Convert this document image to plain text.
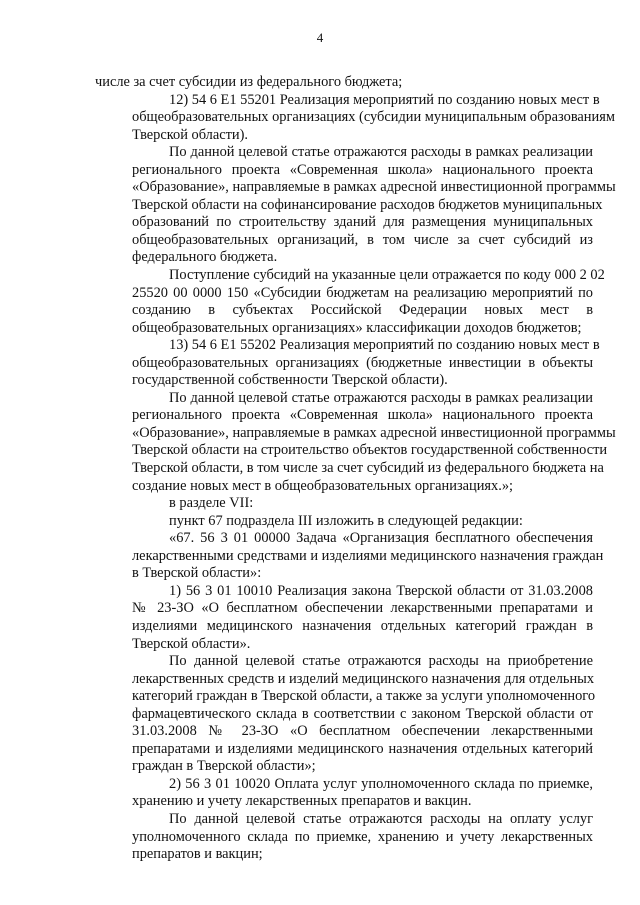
4
числе за счет субсидии из федерального бюджета;
12) 54 6 E1 55201 Реализация мероприятий по созданию новых мест в
общеобразовательных организациях (субсидии муниципальным образованиям
Тверской области).
По данной целевой статье отражаются расходы в рамках реализации
регионального проекта «Современная школа» национального проекта
«Образование», направляемые в рамках адресной инвестиционной программы
Тверской области на софинансирование расходов бюджетов муниципальных
образований по строительству зданий для размещения муниципальных
общеобразовательных организаций, в том числе за счет субсидий из
федерального бюджета.
Поступление субсидий на указанные цели отражается по коду 000 2 02
25520 00 0000 150 «Субсидии бюджетам на реализацию мероприятий по
созданию в субъектах Российской Федерации новых мест в
общеобразовательных организациях» классификации доходов бюджетов;
13) 54 6 E1 55202 Реализация мероприятий по созданию новых мест в
общеобразовательных организациях (бюджетные инвестиции в объекты
государственной собственности Тверской области).
По данной целевой статье отражаются расходы в рамках реализации
регионального проекта «Современная школа» национального проекта
«Образование», направляемые в рамках адресной инвестиционной программы
Тверской области на строительство объектов государственной собственности
Тверской области, в том числе за счет субсидий из федерального бюджета на
создание новых мест в общеобразовательных организациях.»;
в разделе VII:
пункт 67 подраздела III изложить в следующей редакции:
«67. 56 3 01 00000 Задача «Организация бесплатного обеспечения
лекарственными средствами и изделиями медицинского назначения граждан
в Тверской области»:
1) 56 3 01 10010 Реализация закона Тверской области от 31.03.2008
№ 23-ЗО «О бесплатном обеспечении лекарственными препаратами и
изделиями медицинского назначения отдельных категорий граждан в
Тверской области».
По данной целевой статье отражаются расходы на приобретение
лекарственных средств и изделий медицинского назначения для отдельных
категорий граждан в Тверской области, а также за услуги уполномоченного
фармацевтического склада в соответствии с законом Тверской области от
31.03.2008 № 23-ЗО «О бесплатном обеспечении лекарственными
препаратами и изделиями медицинского назначения отдельных категорий
граждан в Тверской области»;
2) 56 3 01 10020 Оплата услуг уполномоченного склада по приемке,
хранению и учету лекарственных препаратов и вакцин.
По данной целевой статье отражаются расходы на оплату услуг
уполномоченного склада по приемке, хранению и учету лекарственных
препаратов и вакцин;
